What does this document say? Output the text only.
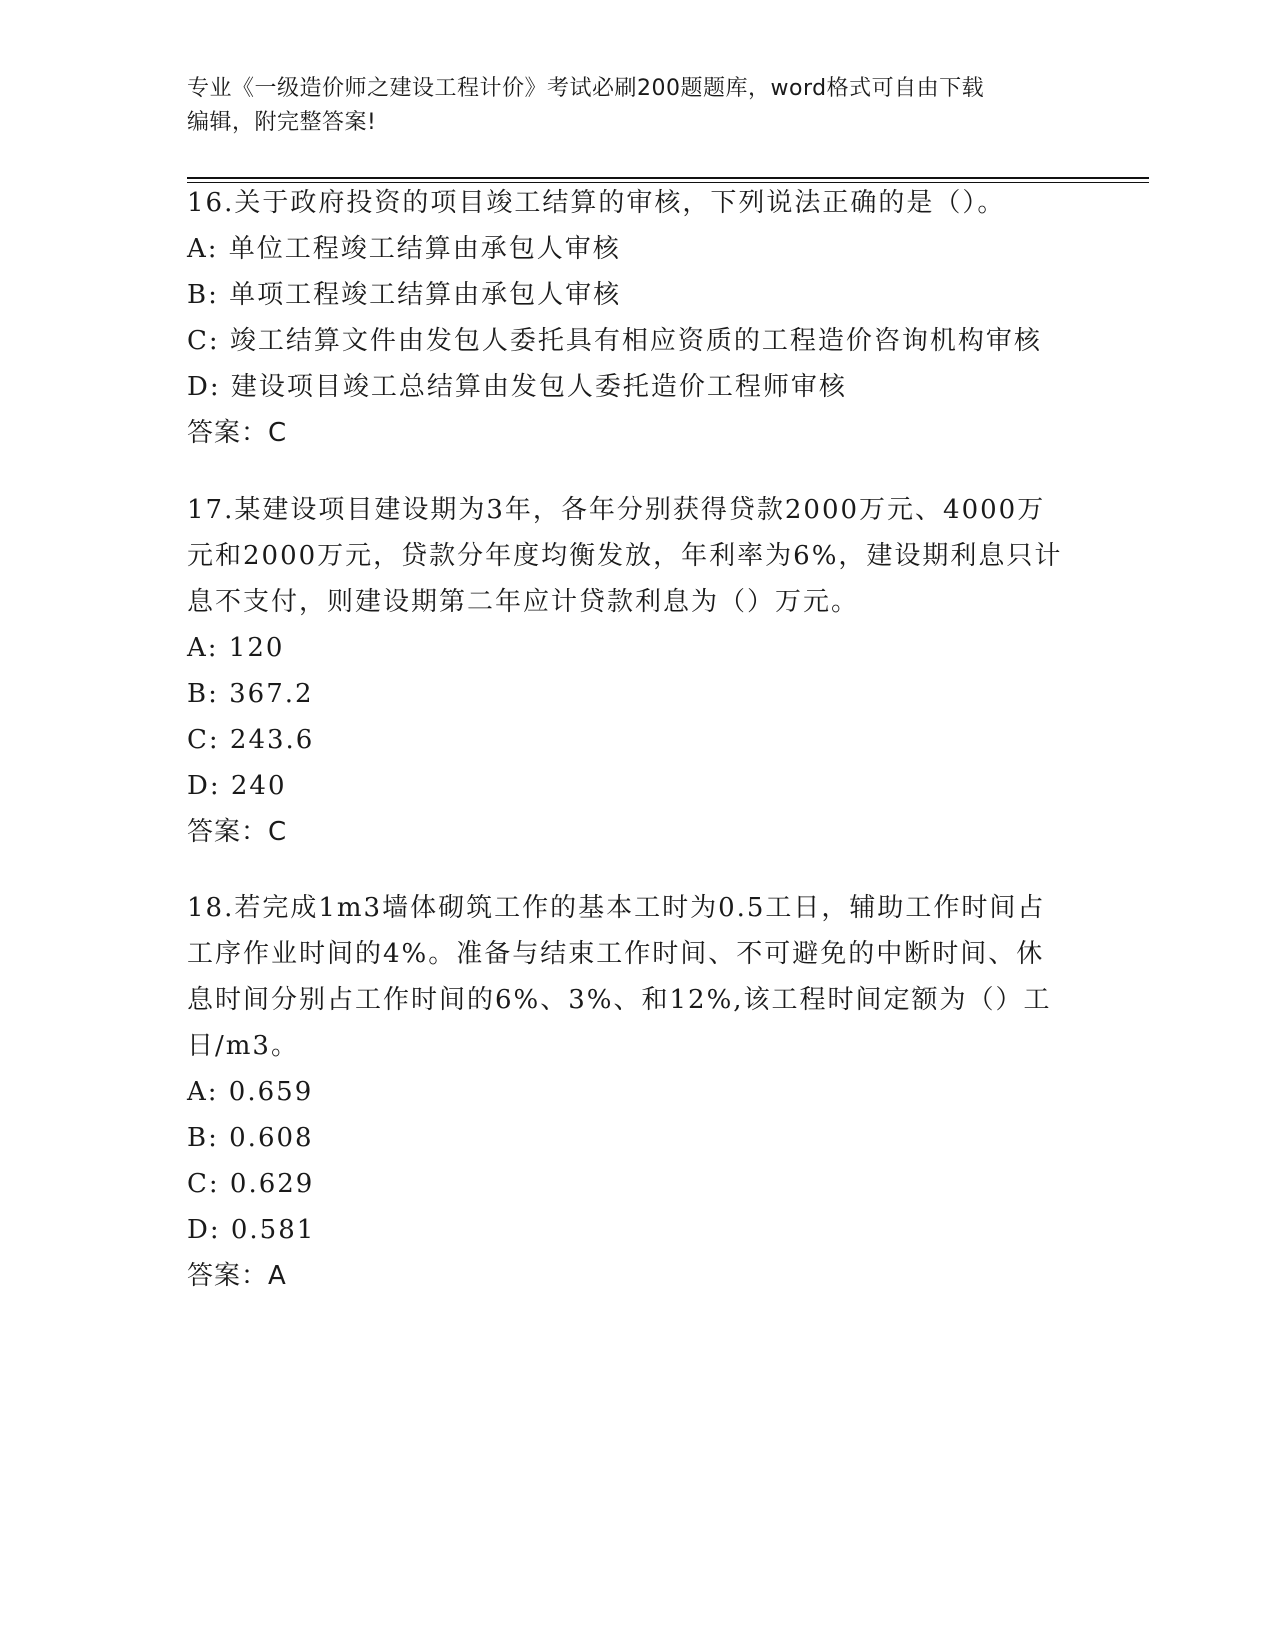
专业《一级造价师之建设工程计价》考试必刷200题题库，word格式可自由下载
编辑，附完整答案!
16.关于政府投资的项目竣工结算的审核，下列说法正确的是（）。
A: 单位工程竣工结算由承包人审核
B: 单项工程竣工结算由承包人审核
C: 竣工结算文件由发包人委托具有相应资质的工程造价咨询机构审核
D: 建设项目竣工总结算由发包人委托造价工程师审核
答案：C
17.某建设项目建设期为3年，各年分别获得贷款2000万元、4000万元和2000万元，贷款分年度均衡发放，年利率为6%，建设期利息只计息不支付，则建设期第二年应计贷款利息为（）万元。
A: 120
B: 367.2
C: 243.6
D: 240
答案：C
18.若完成1m3墙体砌筑工作的基本工时为0.5工日，辅助工作时间占工序作业时间的4%。准备与结束工作时间、不可避免的中断时间、休息时间分别占工作时间的6%、3%、和12%,该工程时间定额为（）工日/m3。
A: 0.659
B: 0.608
C: 0.629
D: 0.581
答案：A
